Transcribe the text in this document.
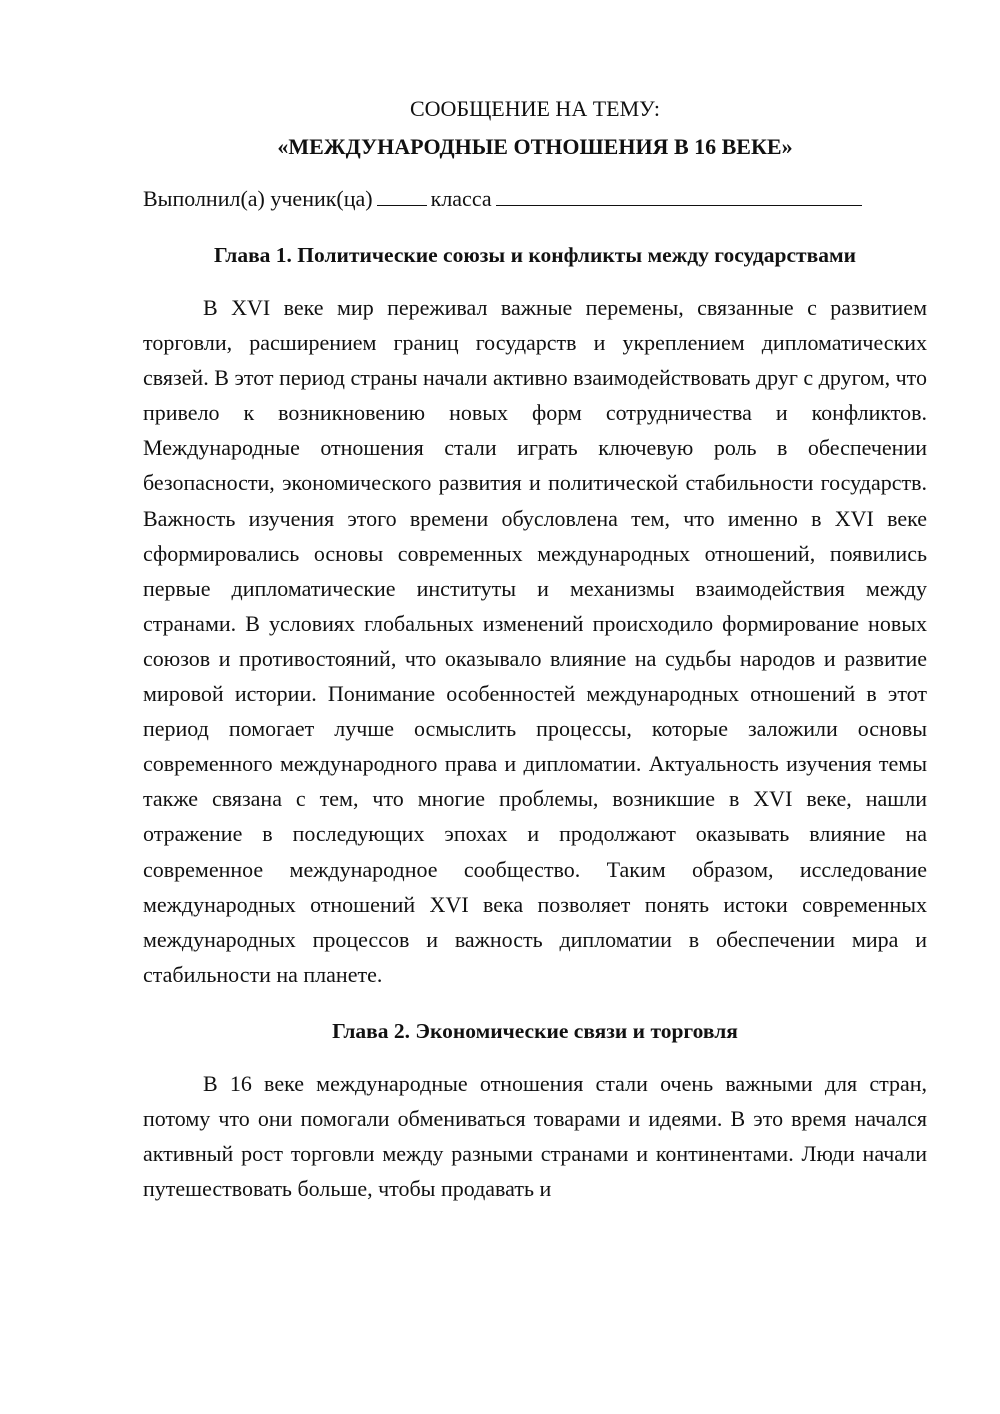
СООБЩЕНИЕ НА ТЕМУ:

«МЕЖДУНАРОДНЫЕ ОТНОШЕНИЯ В 16 ВЕКЕ»

Выполнил(а) ученик(ца)	класса
Глава 1. Политические союзы и конфликты между государствами

В XVI веке мир переживал важные перемены, связанные с развитием торговли, расширением границ государств и укреплением дипломатических связей. В этот период страны начали активно взаимодействовать друг с другом, что привело к возникновению новых форм сотрудничества и конфликтов. Международные отношения стали играть ключевую роль в обеспечении безопасности, экономического развития и политической стабильности государств. Важность изучения этого времени обусловлена тем, что именно в XVI веке сформировались основы современных международных отношений, появились первые дипломатические институты и механизмы взаимодействия между странами. В условиях глобальных изменений происходило формирование новых союзов и противостояний, что оказывало влияние на судьбы народов и развитие мировой истории. Понимание особенностей международных отношений в этот период помогает лучше осмыслить процессы, которые заложили основы современного международного права и дипломатии. Актуальность изучения темы также связана с тем, что многие проблемы, возникшие в XVI веке, нашли отражение в последующих эпохах и продолжают оказывать влияние на современное международное сообщество. Таким образом, исследование международных отношений XVI века позволяет понять истоки современных международных процессов и важность дипломатии в обеспечении мира и стабильности на планете.

Глава 2. Экономические связи и торговля

В 16 веке международные отношения стали очень важными для стран, потому что они помогали обмениваться товарами и идеями. В это время начался активный рост торговли между разными странами и континентами. Люди начали путешествовать больше, чтобы продавать и
